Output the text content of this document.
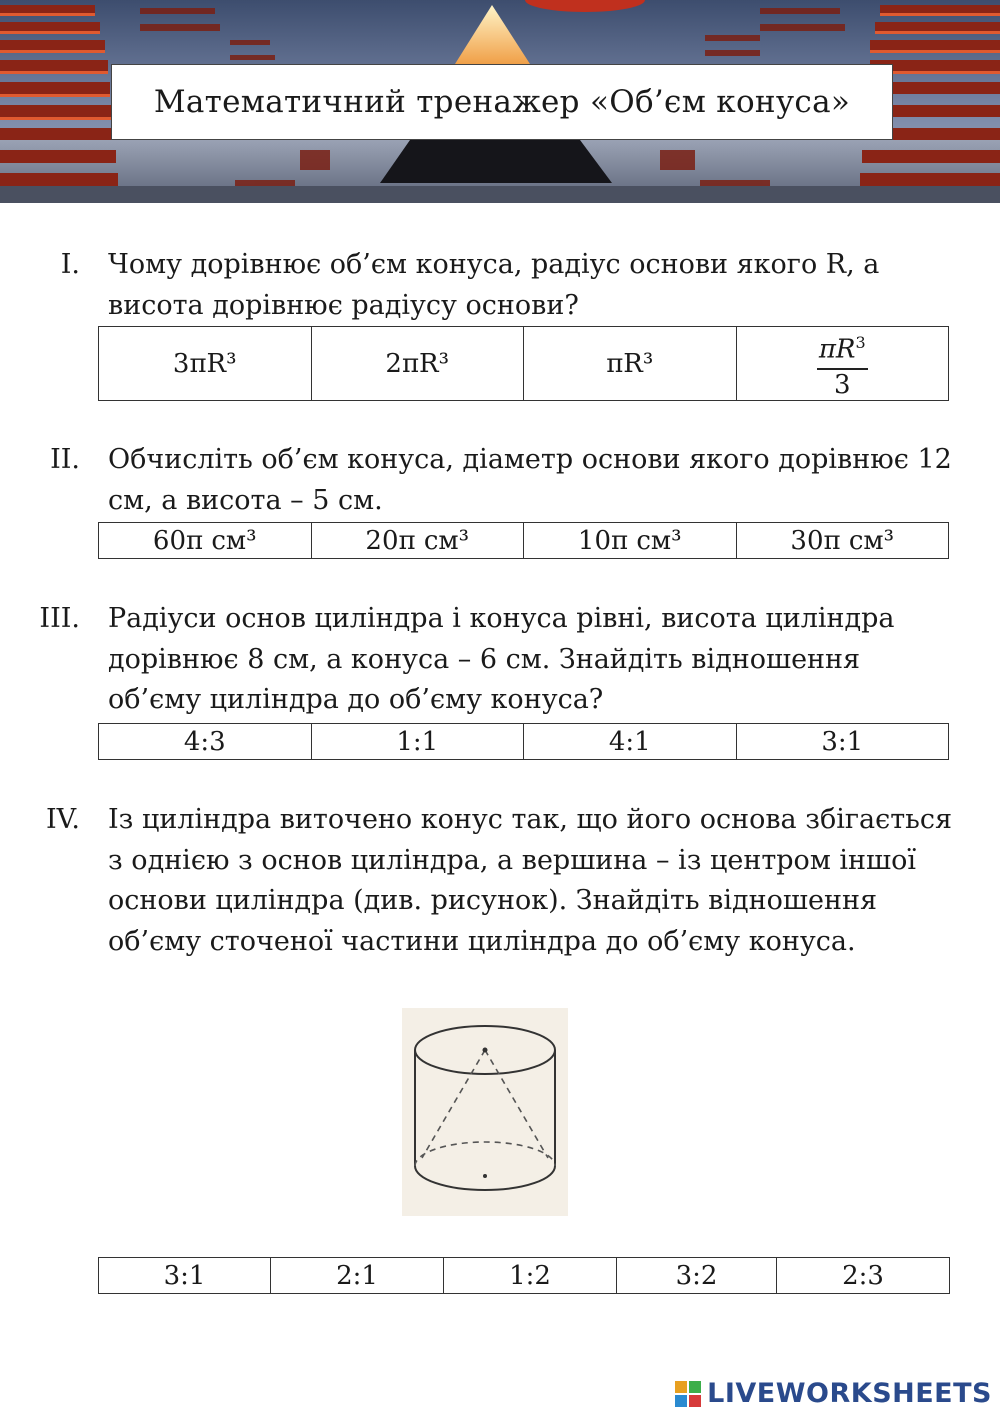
Математичний тренажер «Об’єм конуса»
I. Чому дорівнює об’єм конуса, радіус основи якого R, а висота дорівнює радіусу основи?
3πR³	2πR³	πR³	$\frac{\pi R^3}{3}$
II. Обчисліть об’єм конуса, діаметр основи якого дорівнює 12 см, а висота – 5 см.
60π см³	20π см³	10π см³	30π см³
III. Радіуси основ циліндра і конуса рівні, висота циліндра дорівнює 8 см, а конуса – 6 см. Знайдіть відношення об’єму циліндра до об’єму конуса?
4:3	1:1	4:1	3:1
IV. Із циліндра виточено конус так, що його основа збігається з однією з основ циліндра, а вершина – із центром іншої основи циліндра (див. рисунок). Знайдіть відношення об’єму сточеної частини циліндра до об’єму конуса.
3:1	2:1	1:2	3:2	2:3
LIVEWORKSHEETS
